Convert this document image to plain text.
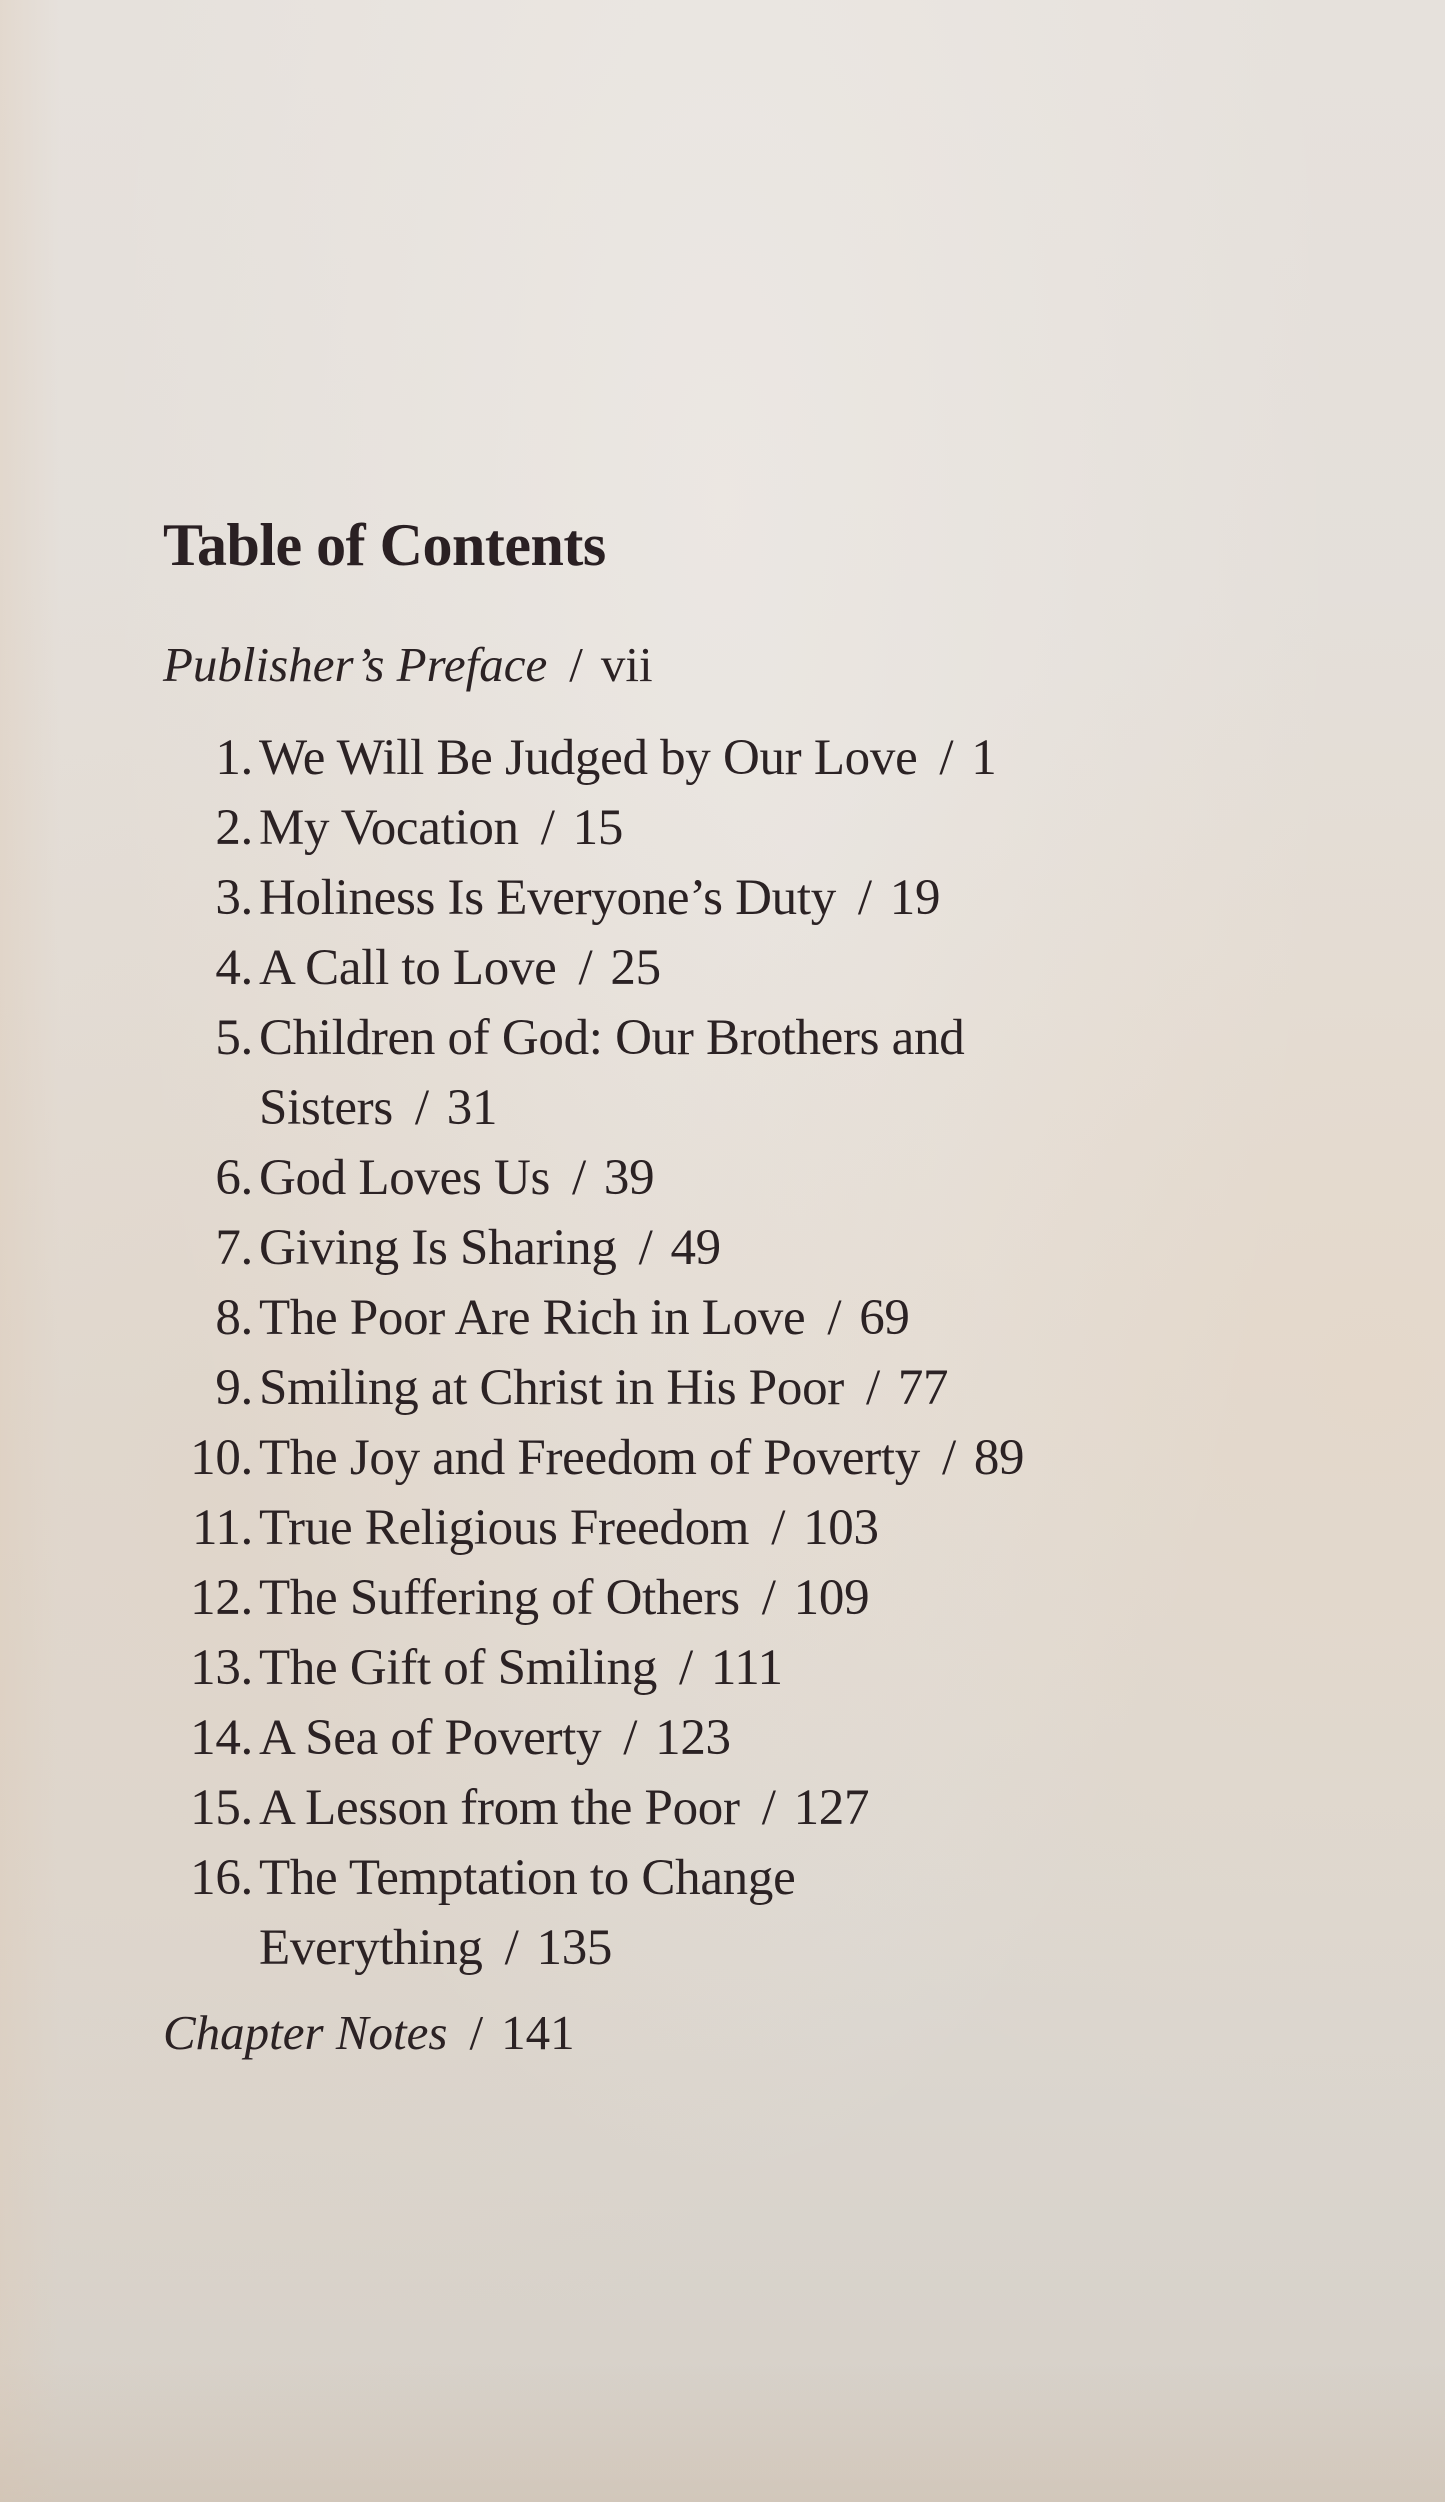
Table of Contents
Publisher’s Preface / vii
1. We Will Be Judged by Our Love / 1
2. My Vocation / 15
3. Holiness Is Everyone’s Duty / 19
4. A Call to Love / 25
5. Children of God: Our Brothers and
Sisters / 31
6. God Loves Us / 39
7. Giving Is Sharing / 49
8. The Poor Are Rich in Love / 69
9. Smiling at Christ in His Poor / 77
10. The Joy and Freedom of Poverty / 89
11. True Religious Freedom / 103
12. The Suffering of Others / 109
13. The Gift of Smiling / 111
14. A Sea of Poverty / 123
15. A Lesson from the Poor / 127
16. The Temptation to Change
Everything / 135
Chapter Notes / 141
